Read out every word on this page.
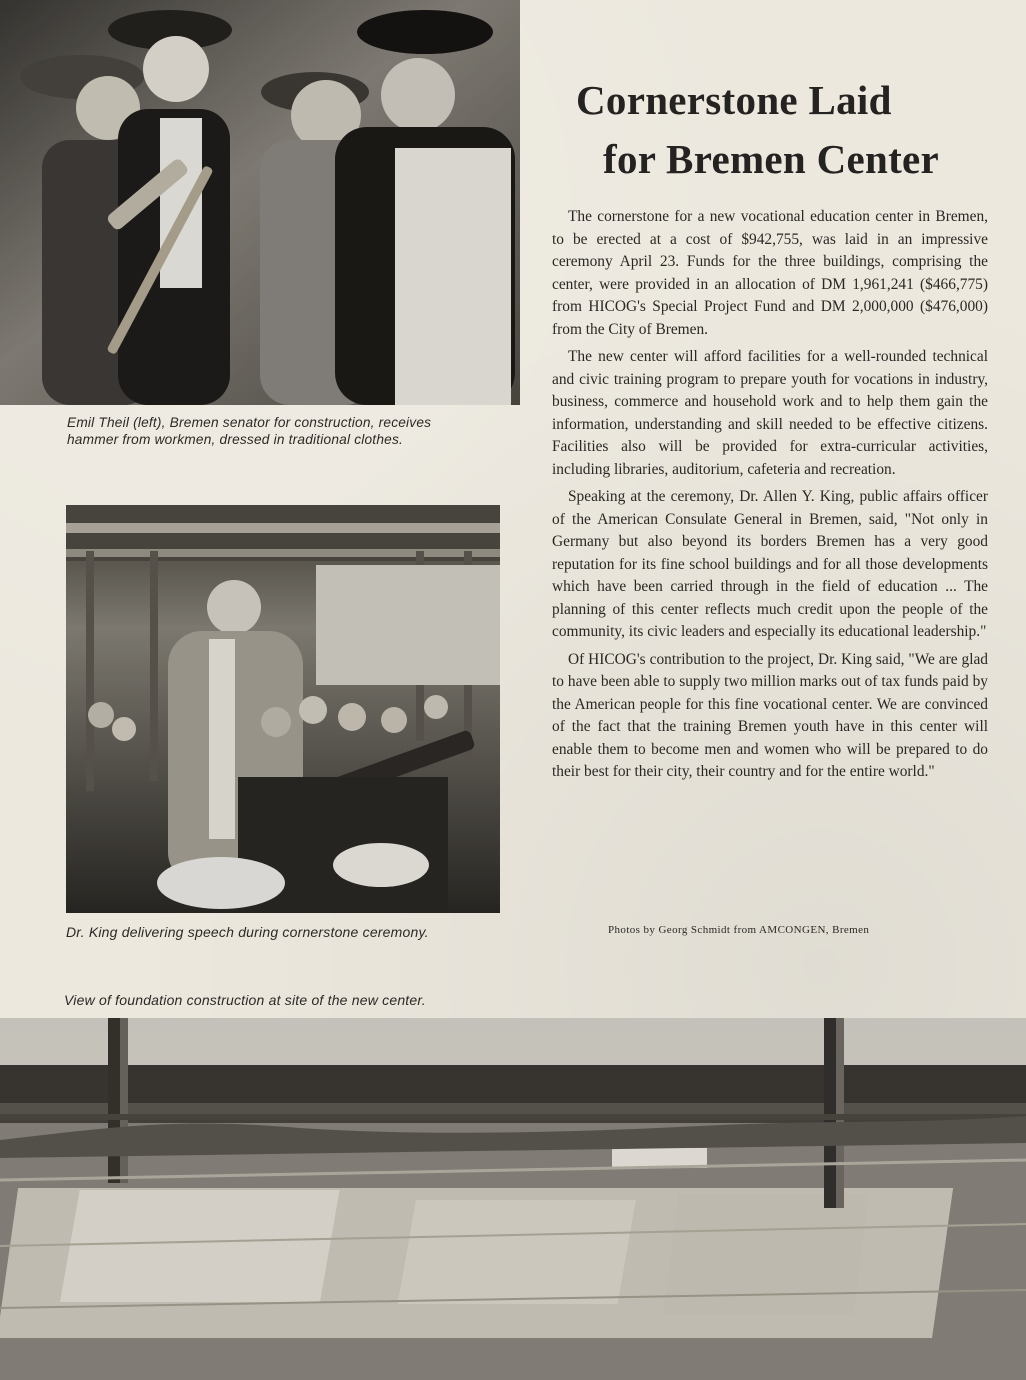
Emil Theil (left), Bremen senator for construction, receives
hammer from workmen, dressed in traditional clothes.
Dr. King delivering speech during cornerstone ceremony.
View of foundation construction at site of the new center.
Cornerstone Laid
for Bremen Center

The cornerstone for a new vocational education center in Bremen, to be erected at a cost of $942,755, was laid in an impressive ceremony April 23. Funds for the three buildings, comprising the center, were provided in an allocation of DM 1,961,241 ($466,775) from HICOG's Special Project Fund and DM 2,000,000 ($476,000) from the City of Bremen.

The new center will afford facilities for a well-rounded technical and civic training program to prepare youth for vocations in industry, business, commerce and household work and to help them gain the information, understanding and skill needed to be effective citizens. Facilities also will be provided for extra-curricular activities, including libraries, auditorium, cafeteria and recreation.

Speaking at the ceremony, Dr. Allen Y. King, public affairs officer of the American Consulate General in Bremen, said, "Not only in Germany but also beyond its borders Bremen has a very good reputation for its fine school buildings and for all those developments which have been carried through in the field of education ... The planning of this center reflects much credit upon the people of the community, its civic leaders and especially its educational leadership."

Of HICOG's contribution to the project, Dr. King said, "We are glad to have been able to supply two million marks out of tax funds paid by the American people for this fine vocational center. We are convinced of the fact that the training Bremen youth have in this center will enable them to become men and women who will be prepared to do their best for their city, their country and for the entire world."

Photos by Georg Schmidt from AMCONGEN, Bremen
